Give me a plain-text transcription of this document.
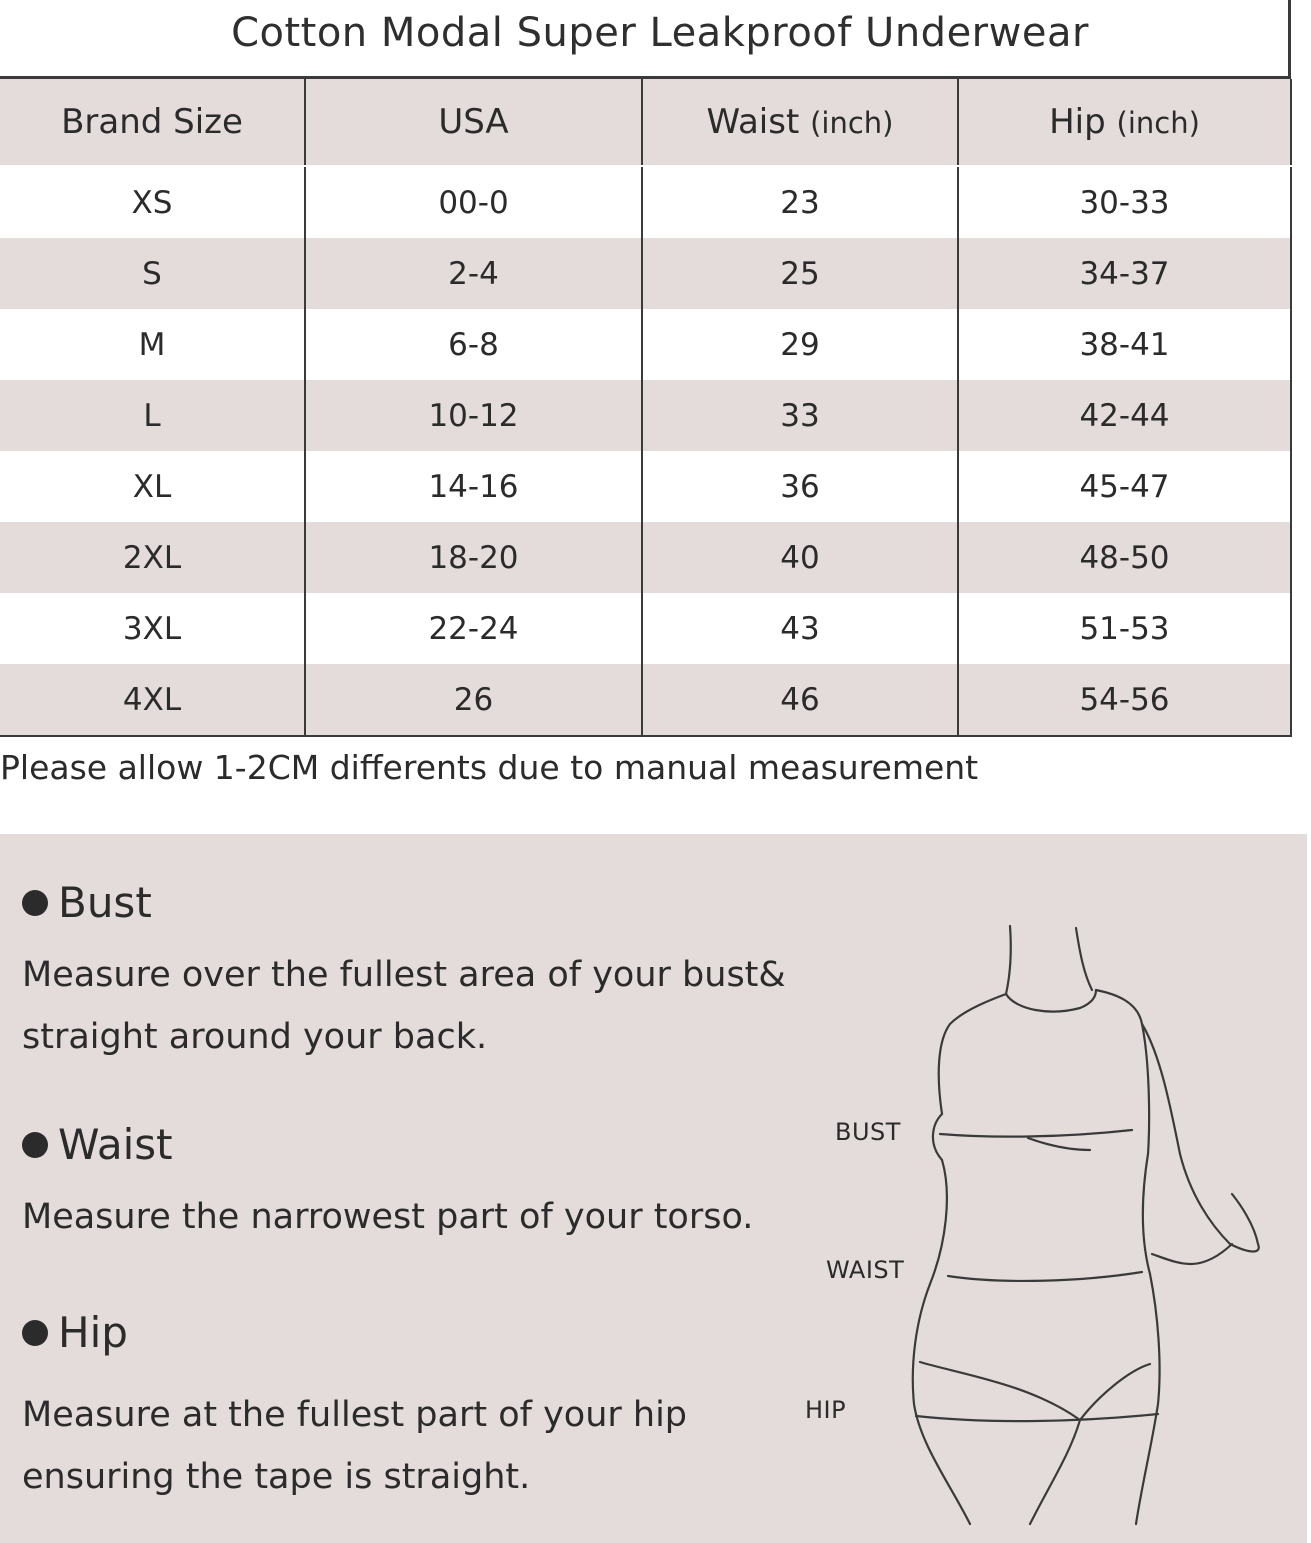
Cotton Modal Super Leakproof Underwear
Brand Size	USA	Waist (inch)	Hip (inch)
XS	00-0	23	30-33
S	2-4	25	34-37
M	6-8	29	38-41
L	10-12	33	42-44
XL	14-16	36	45-47
2XL	18-20	40	48-50
3XL	22-24	43	51-53
4XL	26	46	54-56
Please allow 1-2CM differents due to manual measurement
Bust
Measure over the fullest area of your bust&
straight around your back.
Waist
Measure the narrowest part of your torso.
Hip
Measure at the fullest part of your hip
ensuring the tape is straight.
BUST
WAIST
HIP
